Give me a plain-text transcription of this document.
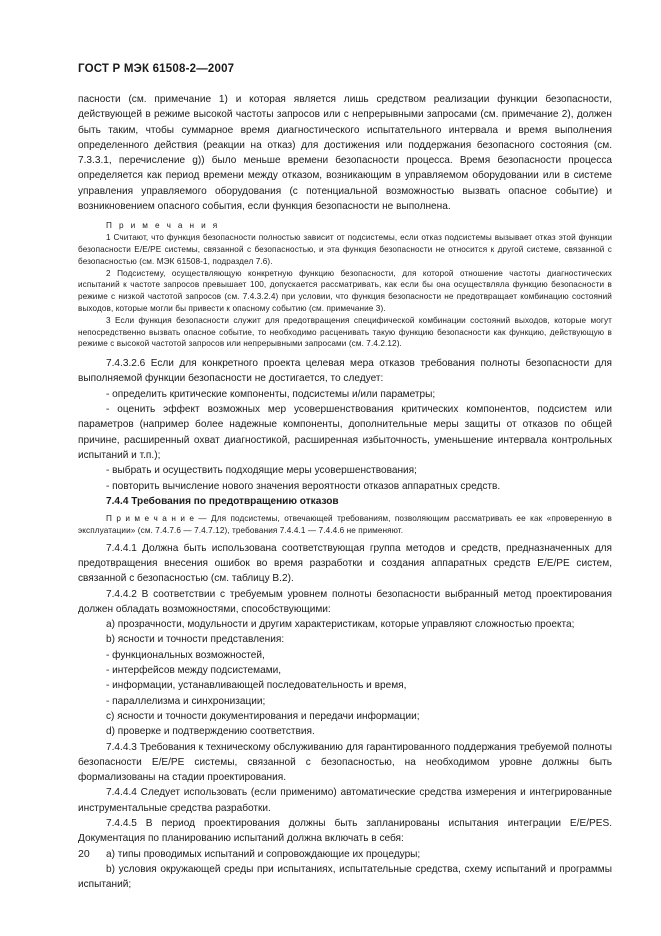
ГОСТ Р МЭК 61508-2—2007

пасности (см. примечание 1) и которая является лишь средством реализации функции безопасности, действующей в режиме высокой частоты запросов или с непрерывными запросами (см. примечание 2), должен быть таким, чтобы суммарное время диагностического испытательного интервала и время выполнения определенного действия (реакции на отказ) для достижения или поддержания безопасного состояния (см. 7.3.3.1, перечисление g)) было меньше времени безопасности процесса. Время безопасности процесса определяется как период времени между отказом, возникающим в управляемом оборудовании или в системе управления управляемого оборудования (с потенциальной возможностью вызвать опасное событие) и возникновением опасного события, если функция безопасности не выполнена.

П р и м е ч а н и я

1 Считают, что функция безопасности полностью зависит от подсистемы, если отказ подсистемы вызывает отказ этой функции безопасности E/E/PE системы, связанной с безопасностью, и эта функция безопасности не относится к другой системе, связанной с безопасностью (см. МЭК 61508-1, подраздел 7.6).

2 Подсистему, осуществляющую конкретную функцию безопасности, для которой отношение частоты диагностических испытаний к частоте запросов превышает 100, допускается рассматривать, как если бы она осуществляла функцию безопасности в режиме с низкой частотой запросов (см. 7.4.3.2.4) при условии, что функция безопасности не предотвращает комбинацию состояний выходов, которые могли бы привести к опасному событию (см. примечание 3).

3 Если функция безопасности служит для предотвращения специфической комбинации состояний выходов, которые могут непосредственно вызвать опасное событие, то необходимо расценивать такую функцию безопасности как функцию, действующую в режиме с высокой частотой запросов или непрерывными запросами (см. 7.4.2.12).

7.4.3.2.6 Если для конкретного проекта целевая мера отказов требования полноты безопасности для выполняемой функции безопасности не достигается, то следует:

- определить критические компоненты, подсистемы и/или параметры;

- оценить эффект возможных мер усовершенствования критических компонентов, подсистем или параметров (например более надежные компоненты, дополнительные меры защиты от отказов по общей причине, расширенный охват диагностикой, расширенная избыточность, уменьшение интервала контрольных испытаний и т.п.);

- выбрать и осуществить подходящие меры усовершенствования;

- повторить вычисление нового значения вероятности отказов аппаратных средств.

7.4.4 Требования по предотвращению отказов

П р и м е ч а н и е — Для подсистемы, отвечающей требованиям, позволяющим рассматривать ее как «проверенную в эксплуатации» (см. 7.4.7.6 — 7.4.7.12), требования 7.4.4.1 — 7.4.4.6 не применяют.

7.4.4.1 Должна быть использована соответствующая группа методов и средств, предназначенных для предотвращения внесения ошибок во время разработки и создания аппаратных средств E/E/PE систем, связанной с безопасностью (см. таблицу В.2).

7.4.4.2 В соответствии с требуемым уровнем полноты безопасности выбранный метод проектирования должен обладать возможностями, способствующими:

a) прозрачности, модульности и другим характеристикам, которые управляют сложностью проекта;

b) ясности и точности представления:

- функциональных возможностей,

- интерфейсов между подсистемами,

- информации, устанавливающей последовательность и время,

- параллелизма и синхронизации;

c) ясности и точности документирования и передачи информации;

d) проверке и подтверждению соответствия.

7.4.4.3 Требования к техническому обслуживанию для гарантированного поддержания требуемой полноты безопасности E/E/PE системы, связанной с безопасностью, на необходимом уровне должны быть формализованы на стадии проектирования.

7.4.4.4 Следует использовать (если применимо) автоматические средства измерения и интегрированные инструментальные средства разработки.

7.4.4.5 В период проектирования должны быть запланированы испытания интеграции E/E/PES. Документация по планированию испытаний должна включать в себя:

a) типы проводимых испытаний и сопровождающие их процедуры;

b) условия окружающей среды при испытаниях, испытательные средства, схему испытаний и программы испытаний;

20
